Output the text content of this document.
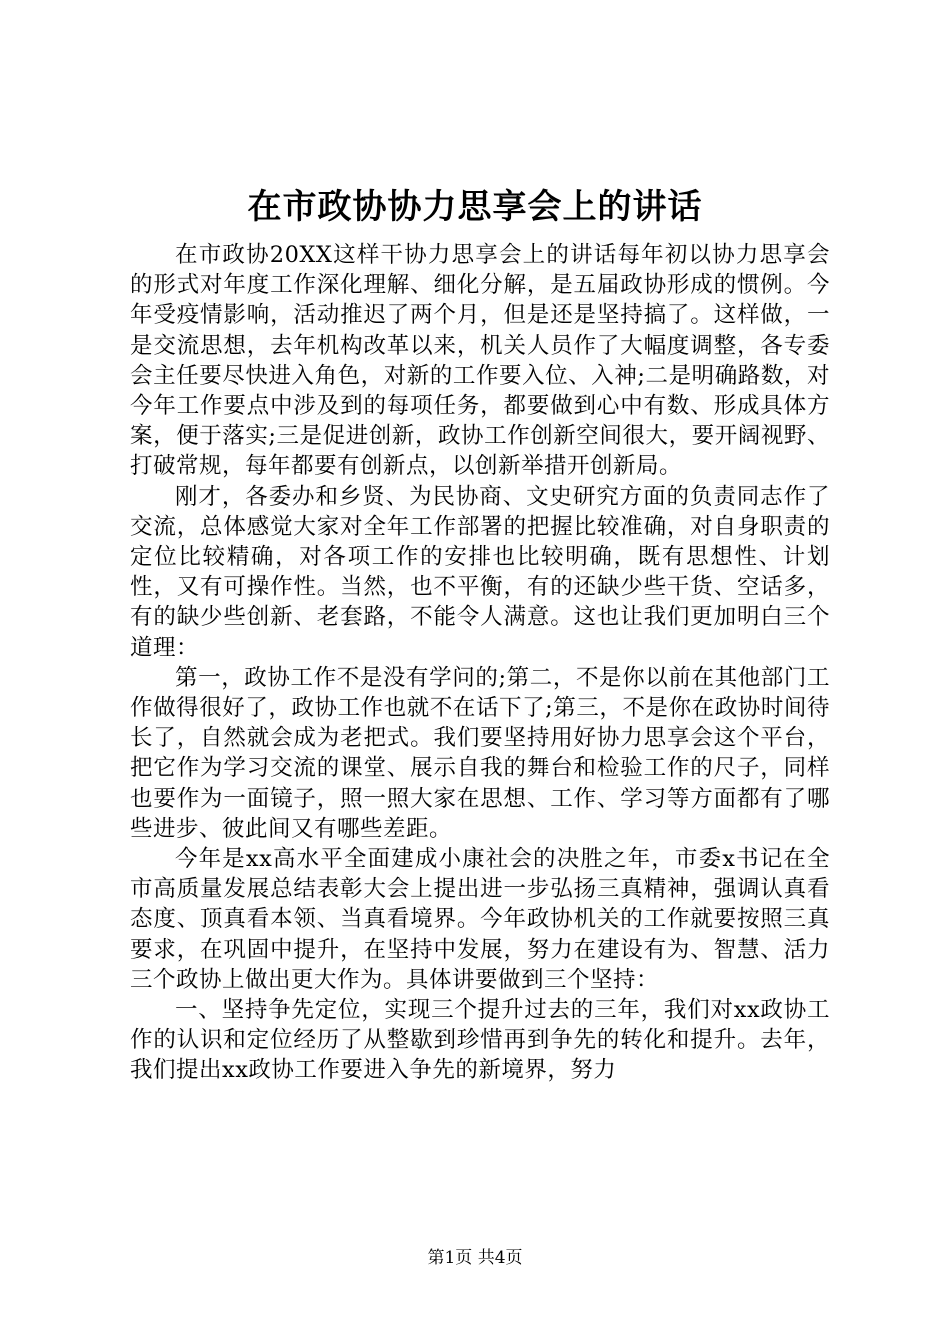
在市政协协力思享会上的讲话

在市政协20XX这样干协力思享会上的讲话每年初以协力思享会的形式对年度工作深化理解、细化分解，是五届政协形成的惯例。今年受疫情影响，活动推迟了两个月，但是还是坚持搞了。这样做，一是交流思想，去年机构改革以来，机关人员作了大幅度调整，各专委会主任要尽快进入角色，对新的工作要入位、入神;二是明确路数，对今年工作要点中涉及到的每项任务，都要做到心中有数、形成具体方案，便于落实;三是促进创新，政协工作创新空间很大，要开阔视野、打破常规，每年都要有创新点，以创新举措开创新局。

刚才，各委办和乡贤、为民协商、文史研究方面的负责同志作了交流，总体感觉大家对全年工作部署的把握比较准确，对自身职责的定位比较精确，对各项工作的安排也比较明确，既有思想性、计划性，又有可操作性。当然，也不平衡，有的还缺少些干货、空话多，有的缺少些创新、老套路，不能令人满意。这也让我们更加明白三个道理：

第一，政协工作不是没有学问的;第二，不是你以前在其他部门工作做得很好了，政协工作也就不在话下了;第三，不是你在政协时间待长了，自然就会成为老把式。我们要坚持用好协力思享会这个平台，把它作为学习交流的课堂、展示自我的舞台和检验工作的尺子，同样也要作为一面镜子，照一照大家在思想、工作、学习等方面都有了哪些进步、彼此间又有哪些差距。

今年是xx高水平全面建成小康社会的决胜之年，市委x书记在全市高质量发展总结表彰大会上提出进一步弘扬三真精神，强调认真看态度、顶真看本领、当真看境界。今年政协机关的工作就要按照三真要求，在巩固中提升，在坚持中发展，努力在建设有为、智慧、活力三个政协上做出更大作为。具体讲要做到三个坚持：

一、坚持争先定位，实现三个提升过去的三年，我们对xx政协工作的认识和定位经历了从整歇到珍惜再到争先的转化和提升。去年，我们提出xx政协工作要进入争先的新境界，努力

第1页 共4页
